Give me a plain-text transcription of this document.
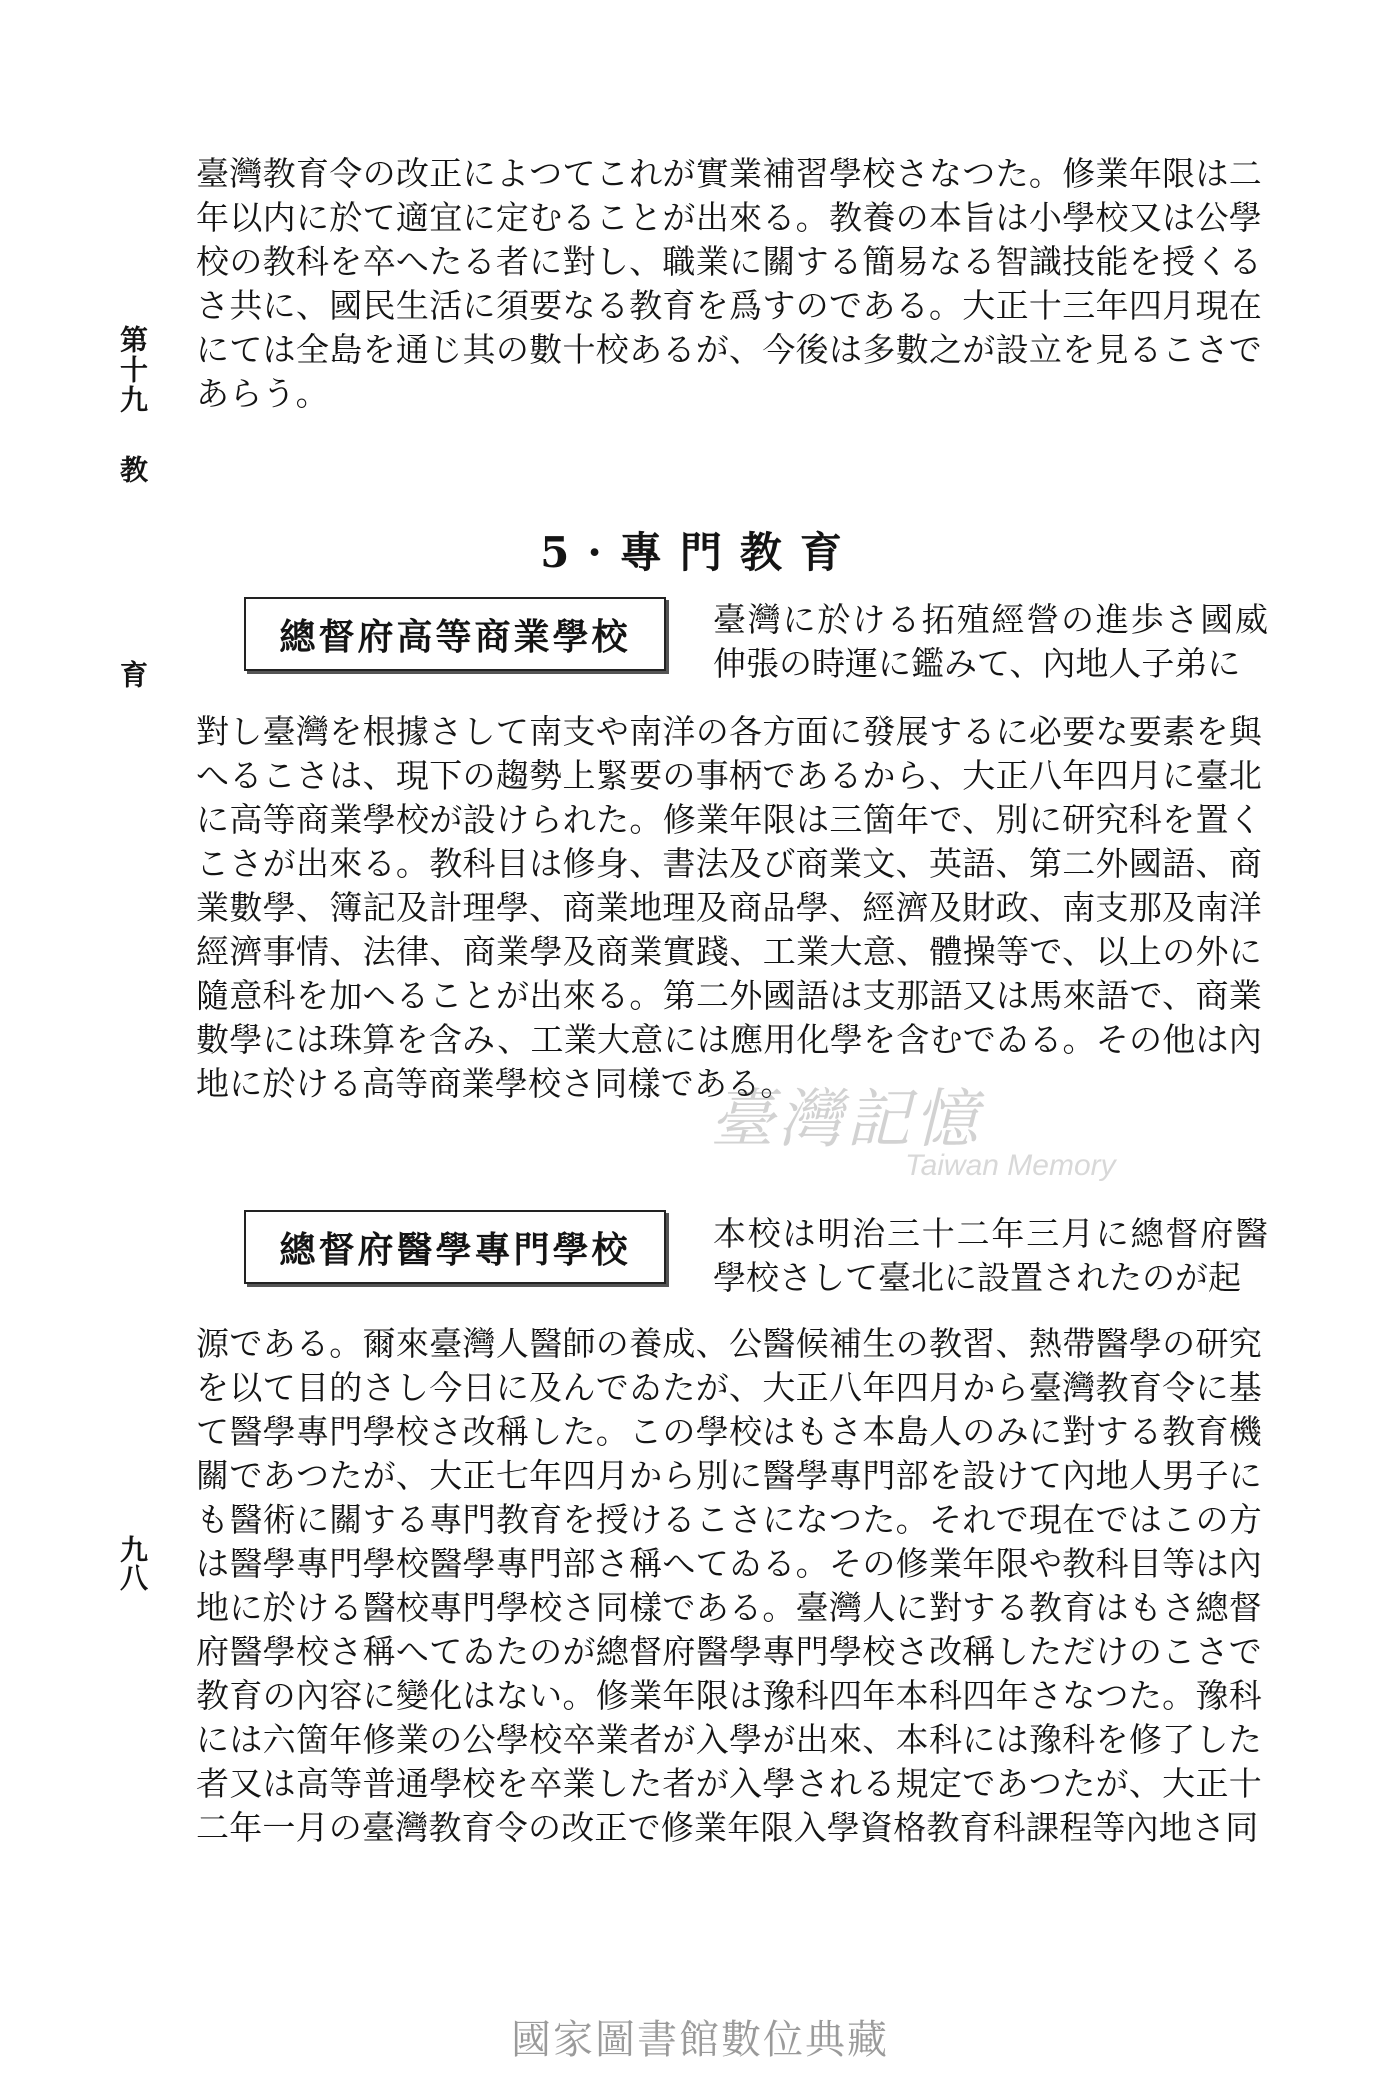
第十九
教
育
九八

臺灣教育令の改正によつてこれが實業補習學校さなつた。修業年限は二年以内に於て適宜に定むることが出來る。教養の本旨は小學校又は公學校の教科を卒へたる者に對し、職業に關する簡易なる智識技能を授くるさ共に、國民生活に須要なる教育を爲すのである。大正十三年四月現在にては全島を通じ其の數十校あるが、今後は多數之が設立を見るこさであらう。

5·專門教育
總督府高等商業學校	臺灣に於ける拓殖經營の進歩さ國威伸張の時運に鑑みて、內地人子弟に

對し臺灣を根據さして南支や南洋の各方面に發展するに必要な要素を與へるこさは、現下の趨勢上緊要の事柄であるから、大正八年四月に臺北に高等商業學校が設けられた。修業年限は三箇年で、別に研究科を置くこさが出來る。教科目は修身、書法及び商業文、英語、第二外國語、商業數學、簿記及計理學、商業地理及商品學、經濟及財政、南支那及南洋經濟事情、法律、商業學及商業實踐、工業大意、體操等で、以上の外に隨意科を加へることが出來る。第二外國語は支那語又は馬來語で、商業數學には珠算を含み、工業大意には應用化學を含むでゐる。その他は內地に於ける高等商業學校さ同樣である。

臺灣記憶
Taiwan Memory
總督府醫學專門學校	本校は明治三十二年三月に總督府醫學校さして臺北に設置されたのが起

源である。爾來臺灣人醫師の養成、公醫候補生の教習、熱帶醫學の研究を以て目的さし今日に及んでゐたが、大正八年四月から臺灣教育令に基て醫學專門學校さ改稱した。この學校はもさ本島人のみに對する教育機關であつたが、大正七年四月から別に醫學專門部を設けて內地人男子にも醫術に關する專門教育を授けるこさになつた。それで現在ではこの方は醫學專門學校醫學專門部さ稱へてゐる。その修業年限や教科目等は內地に於ける醫校專門學校さ同樣である。臺灣人に對する教育はもさ總督府醫學校さ稱へてゐたのが總督府醫學專門學校さ改稱しただけのこさで教育の內容に變化はない。修業年限は豫科四年本科四年さなつた。豫科には六箇年修業の公學校卒業者が入學が出來、本科には豫科を修了した者又は高等普通學校を卒業した者が入學される規定であつたが、大正十二年一月の臺灣教育令の改正で修業年限入學資格教育科課程等內地さ同

國家圖書館數位典藏
